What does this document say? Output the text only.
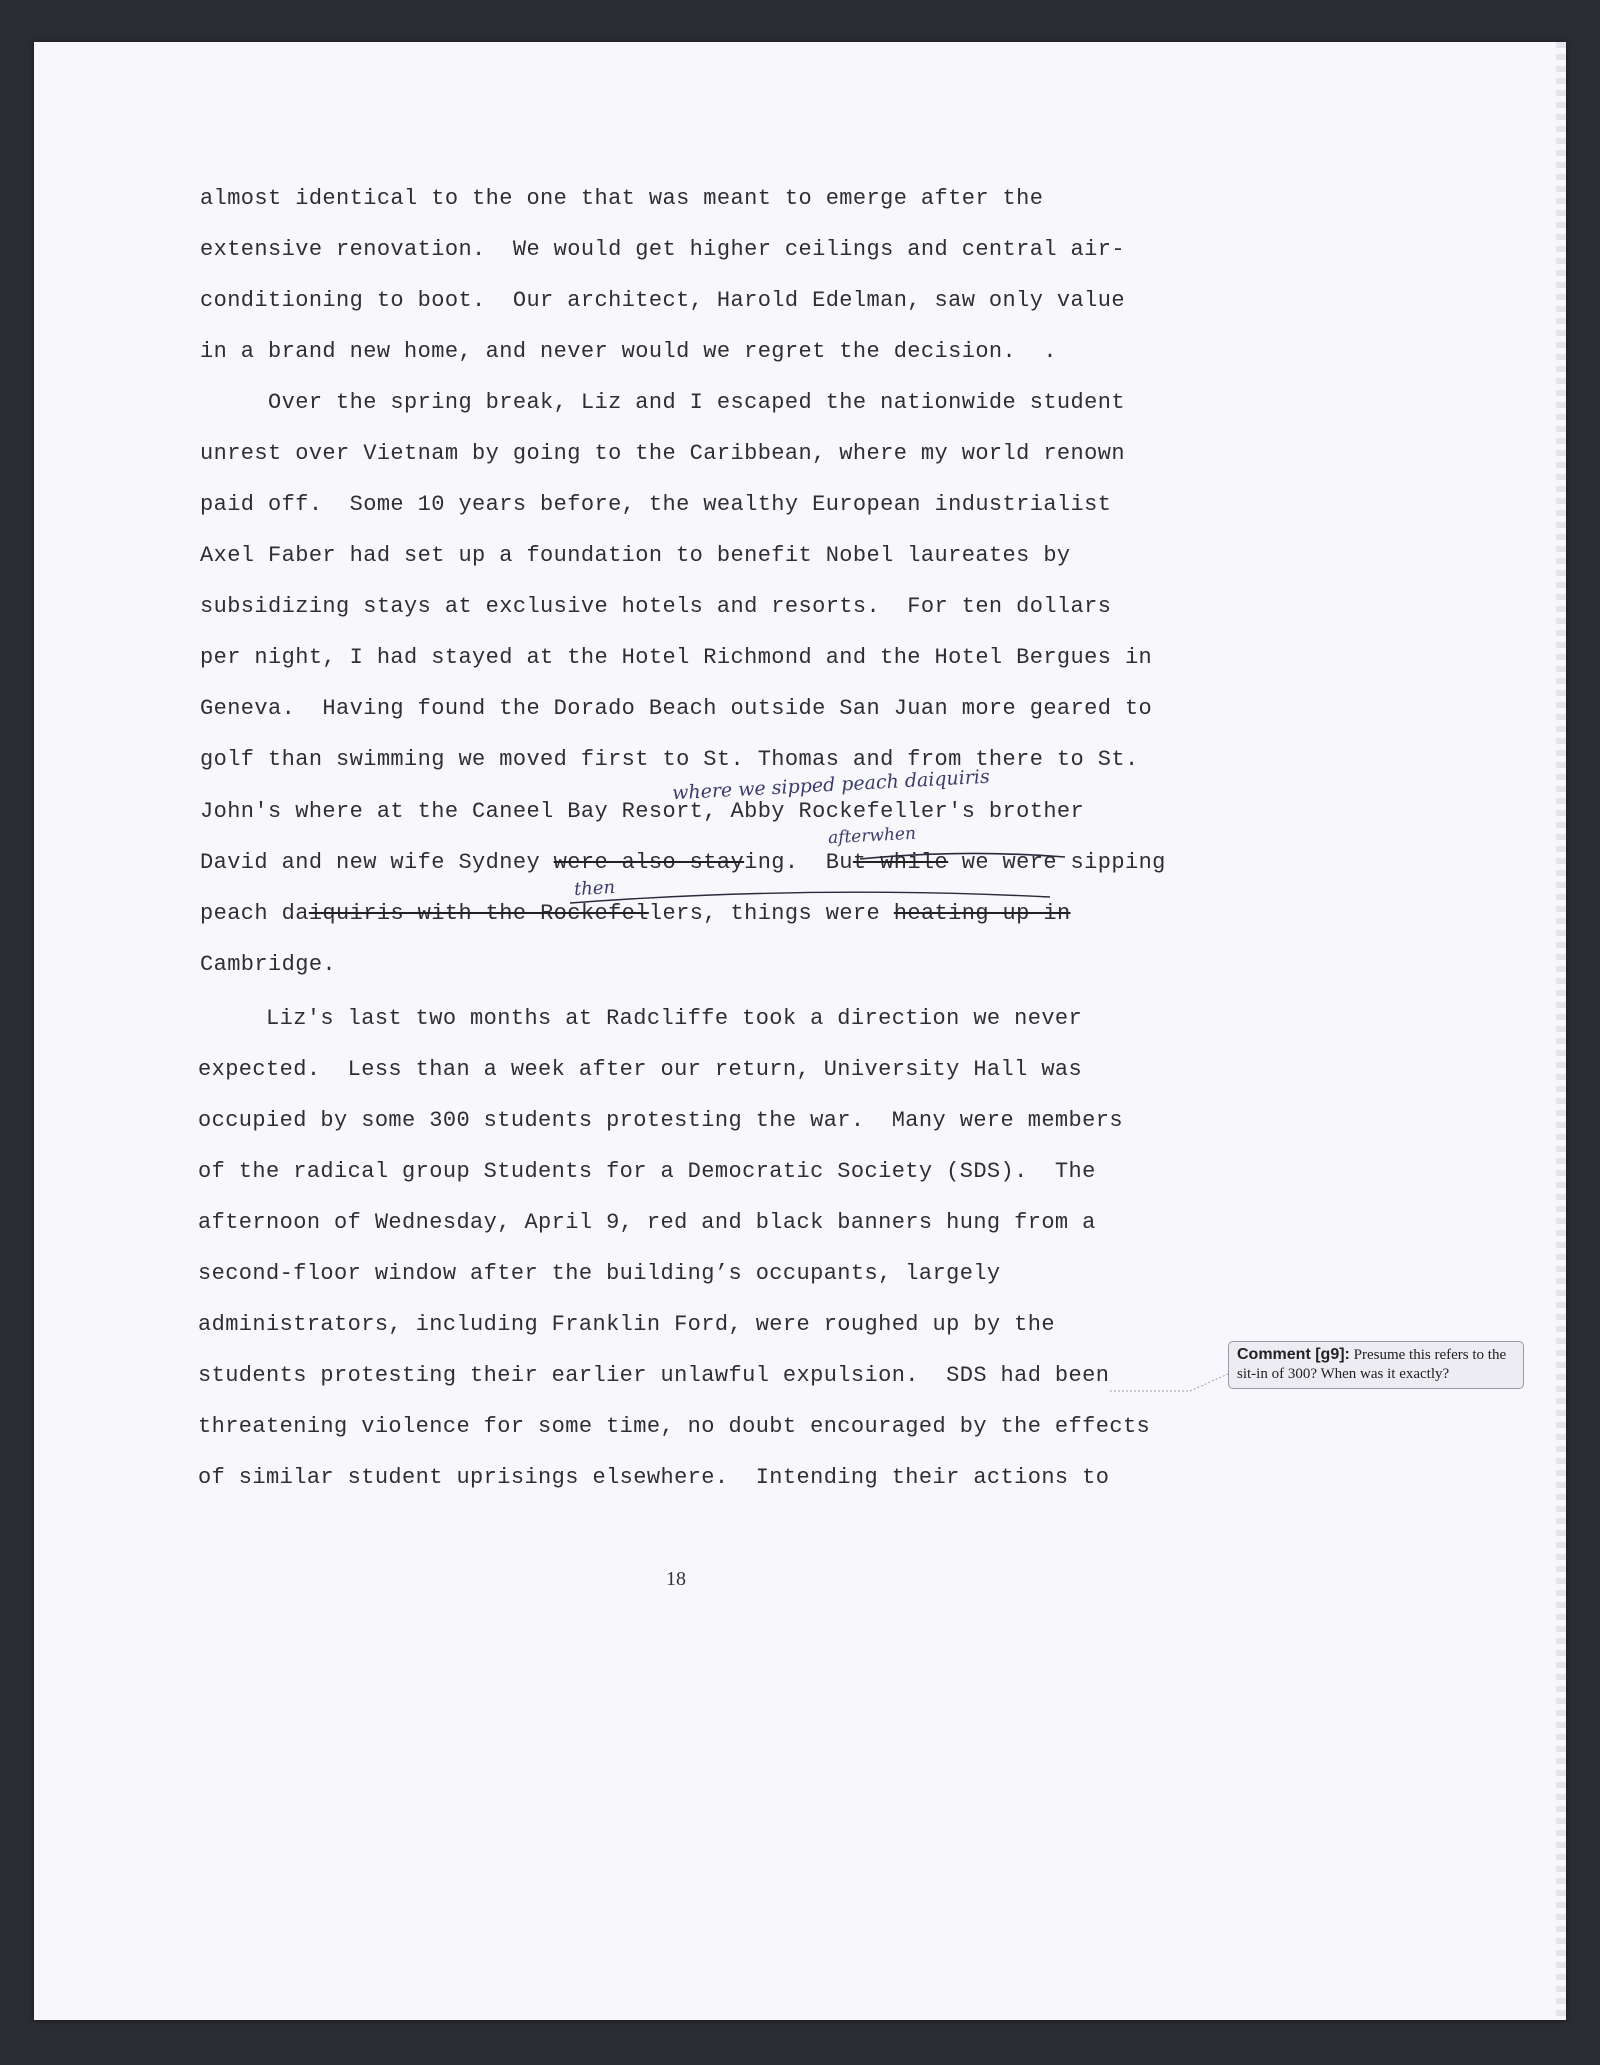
almost identical to the one that was meant to emerge after the
extensive renovation.  We would get higher ceilings and central air-
conditioning to boot.  Our architect, Harold Edelman, saw only value
in a brand new home, and never would we regret the decision.  .
Over the spring break, Liz and I escaped the nationwide student
unrest over Vietnam by going to the Caribbean, where my world renown
paid off.  Some 10 years before, the wealthy European industrialist
Axel Faber had set up a foundation to benefit Nobel laureates by
subsidizing stays at exclusive hotels and resorts.  For ten dollars
per night, I had stayed at the Hotel Richmond and the Hotel Bergues in
Geneva.  Having found the Dorado Beach outside San Juan more geared to
golf than swimming we moved first to St. Thomas and from there to St.
John's where at the Caneel Bay Resort, Abby Rockefeller's brother
where we sipped peach daiquiris
David and new wife Sydney were also staying.  But while we were sipping
afterwhen
peach daiquiris with the Rockefellers, things were heating up in
then
Cambridge.
Liz's last two months at Radcliffe took a direction we never
expected.  Less than a week after our return, University Hall was
occupied by some 300 students protesting the war.  Many were members
of the radical group Students for a Democratic Society (SDS).  The
afternoon of Wednesday, April 9, red and black banners hung from a
second-floor window after the building’s occupants, largely
administrators, including Franklin Ford, were roughed up by the
students protesting their earlier unlawful expulsion.  SDS had been
threatening violence for some time, no doubt encouraged by the effects
of similar student uprisings elsewhere.  Intending their actions to
Comment [g9]: Presume this refers to the sit-in of 300? When was it exactly?
18
